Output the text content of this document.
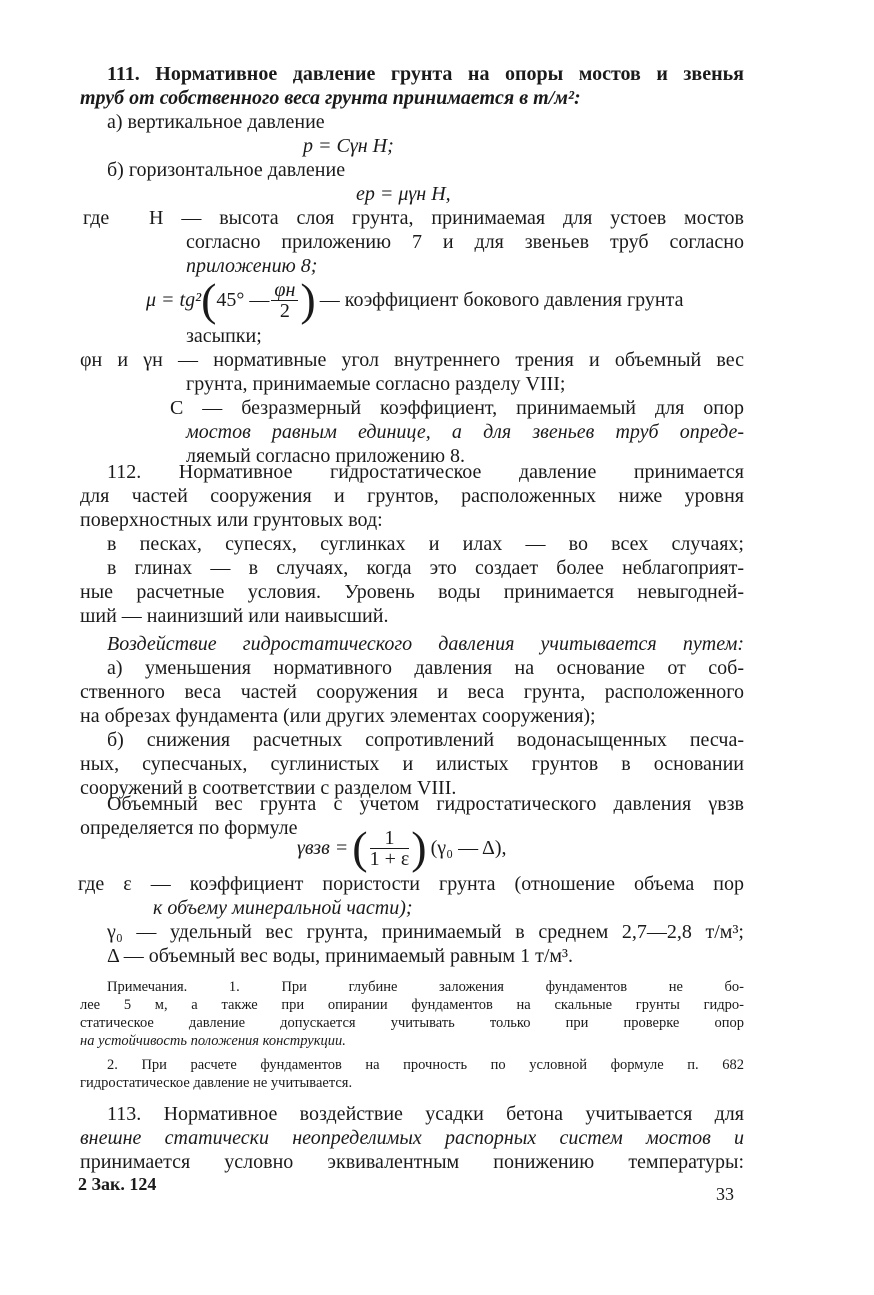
111. Нормативное давление грунта на опоры мостов и звенья

труб от собственного веса грунта принимается в т/м²:

а) вертикальное давление

p = Cγн H;

б) горизонтальное давление

eр = μγн H,

где	H — высота слоя грунта, принимаемая для устоев мостов

согласно приложению 7 и для звеньев труб согласно

приложению 8;

μ = tg² ( 45° — $\frac{\varphi н}{2}$ ) — коэффициент бокового давления грунта

засыпки;

φн и γн — нормативные угол внутреннего трения и объемный вес

грунта, принимаемые согласно разделу VIII;

C — безразмерный коэффициент, принимаемый для опор

мостов равным единице, а для звеньев труб опреде-

ляемый согласно приложению 8.

112. Нормативное гидростатическое давление принимается

для частей сооружения и грунтов, расположенных ниже уровня

поверхностных или грунтовых вод:

в песках, супесях, суглинках и илах — во всех случаях;

в глинах — в случаях, когда это создает более неблагоприят-

ные расчетные условия. Уровень воды принимается невыгодней-

ший — наинизший или наивысший.

Воздействие гидростатического давления учитывается путем:

а) уменьшения нормативного давления на основание от соб-

ственного веса частей сооружения и веса грунта, расположенного

на обрезах фундамента (или других элементах сооружения);

б) снижения расчетных сопротивлений водонасыщенных песча-

ных, супесчаных, суглинистых и илистых грунтов в основании

сооружений в соответствии с разделом VIII.

Объемный вес грунта с учетом гидростатического давления γвзв

определяется по формуле

γвзв = ( $\frac{1}{1 + \varepsilon}$ ) (γ₀ — Δ),

где ε — коэффициент пористости грунта (отношение объема пор

к объему минеральной части);

γ₀ — удельный вес грунта, принимаемый в среднем 2,7—2,8 т/м³;

Δ — объемный вес воды, принимаемый равным 1 т/м³.

Примечания. 1. При глубине заложения фундаментов не бо-

лее 5 м, а также при опирании фундаментов на скальные грунты гидро-

статическое давление допускается учитывать только при проверке опор

на устойчивость положения конструкции.

2. При расчете фундаментов на прочность по условной формуле п. 682

гидростатическое давление не учитывается.

113. Нормативное воздействие усадки бетона учитывается для

внешне статически неопределимых распорных систем мостов и

принимается условно эквивалентным понижению температуры:

2 Зак. 124	33
